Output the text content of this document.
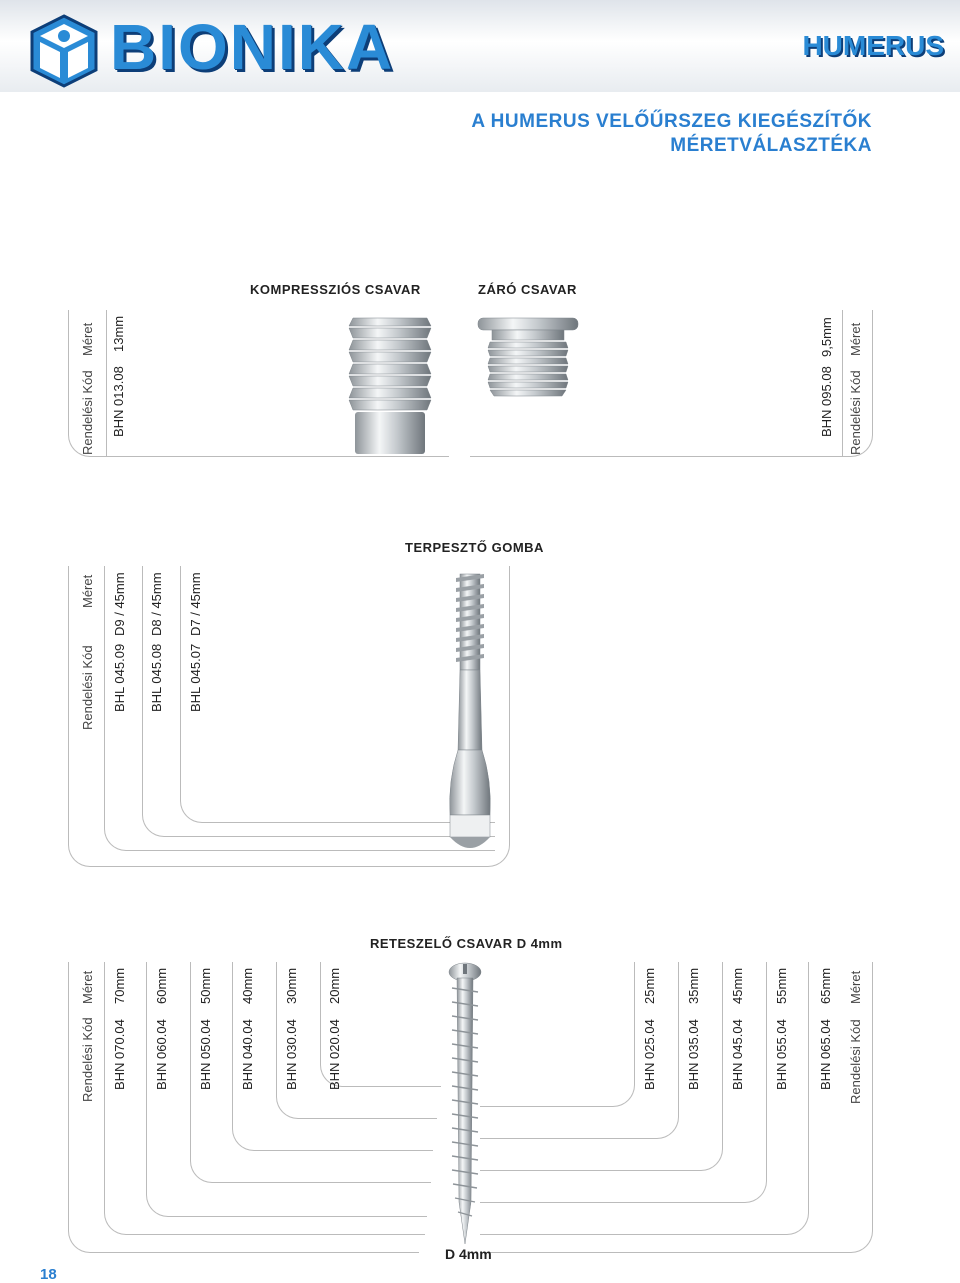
BIONIKA	HUMERUS
A HUMERUS VELŐŰRSZEG KIEGÉSZÍTŐK
MÉRETVÁLASZTÉKA
KOMPRESSZIÓS CSAVAR	ZÁRÓ CSAVAR
Rendelési Kód
Méret
BHN 013.08
13mm
Rendelési Kód
Méret
BHN 095.08
9,5mm
TERPESZTŐ GOMBA
Rendelési Kód
Méret
BHL 045.09
D9 / 45mm
BHL 045.08
D8 / 45mm
BHL 045.07
D7 / 45mm
RETESZELŐ CSAVAR D 4mm
Rendelési Kód
Méret
BHN 070.04
70mm
BHN 060.04
60mm
BHN 050.04
50mm
BHN 040.04
40mm
BHN 030.04
30mm
BHN 020.04
20mm
BHN 025.04
25mm
BHN 035.04
35mm
BHN 045.04
45mm
BHN 055.04
55mm
BHN 065.04
65mm
Rendelési Kód
Méret
D 4mm
18
